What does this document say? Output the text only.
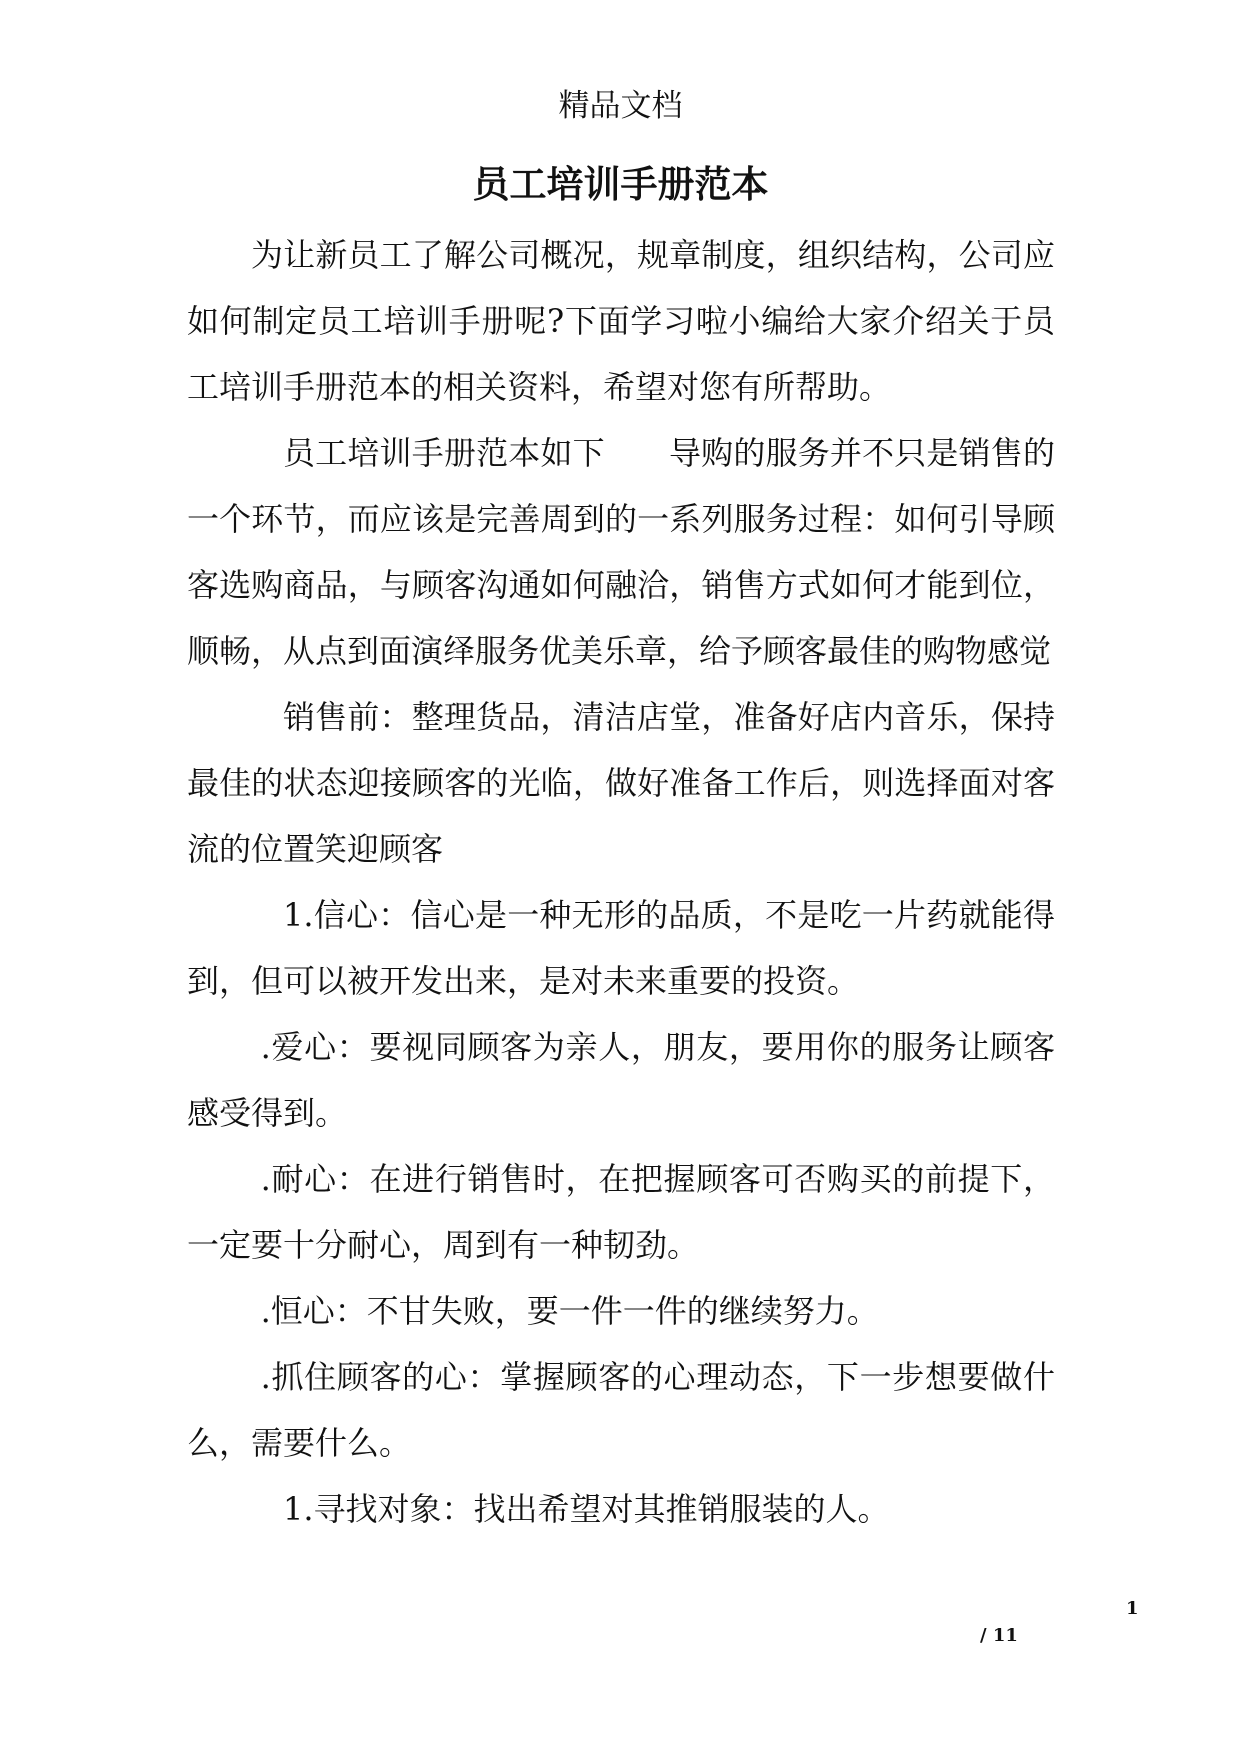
精品文档
员工培训手册范本

为让新员工了解公司概况，规章制度，组织结构，公司应如何制定员工培训手册呢?下面学习啦小编给大家介绍关于员工培训手册范本的相关资料，希望对您有所帮助。

员工培训手册范本如下 导购的服务并不只是销售的一个环节，而应该是完善周到的一系列服务过程：如何引导顾客选购商品，与顾客沟通如何融洽，销售方式如何才能到位，顺畅，从点到面演绎服务优美乐章，给予顾客最佳的购物感觉

销售前：整理货品，清洁店堂，准备好店内音乐，保持最佳的状态迎接顾客的光临，做好准备工作后，则选择面对客流的位置笑迎顾客

1.信心：信心是一种无形的品质，不是吃一片药就能得到，但可以被开发出来，是对未来重要的投资。

.爱心：要视同顾客为亲人，朋友，要用你的服务让顾客感受得到。

.耐心：在进行销售时，在把握顾客可否购买的前提下，一定要十分耐心，周到有一种韧劲。

.恒心：不甘失败，要一件一件的继续努力。

.抓住顾客的心：掌握顾客的心理动态，下一步想要做什么，需要什么。

1.寻找对象：找出希望对其推销服装的人。

1
/ 11
